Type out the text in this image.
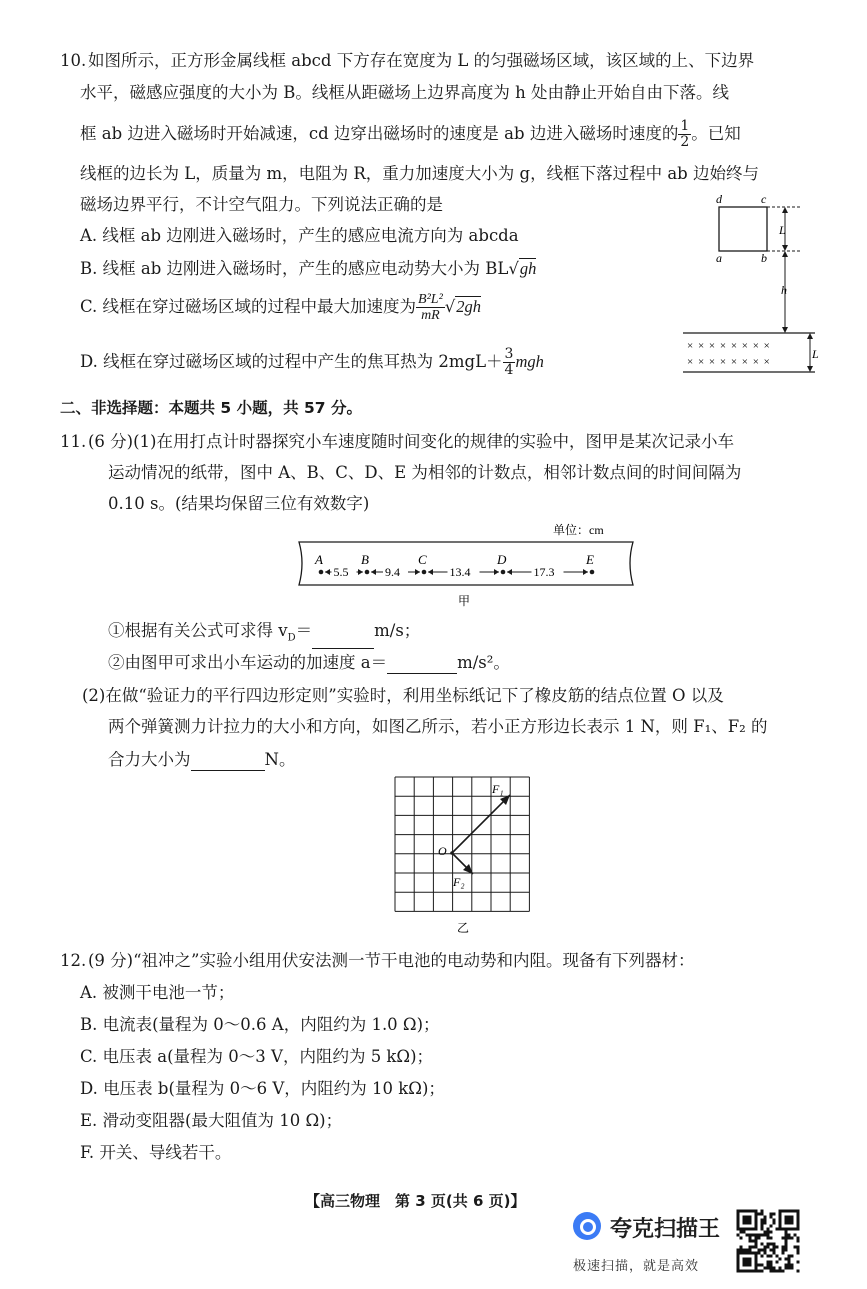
10. 如图所示，正方形金属线框 abcd 下方存在宽度为 L 的匀强磁场区域，该区域的上、下边界
水平，磁感应强度的大小为 B。线框从距磁场上边界高度为 h 处由静止开始自由下落。线
框 ab 边进入磁场时开始减速，cd 边穿出磁场时的速度是 ab 边进入磁场时速度的 $\frac{1}{2}$ 。已知
线框的边长为 L，质量为 m，电阻为 R，重力加速度大小为 g，线框下落过程中 ab 边始终与
磁场边界平行，不计空气阻力。下列说法正确的是
A. 线框 ab 边刚进入磁场时，产生的感应电流方向为 abcda
B. 线框 ab 边刚进入磁场时，产生的感应电动势大小为 BL√gh
C. 线框在穿过磁场区域的过程中最大加速度为 $\frac{\text{B²L²}}{mR} √2gh$
D. 线框在穿过磁场区域的过程中产生的焦耳热为 $2mgL+ \frac{3}{4}$ mgh
d	c
a	b
L
h
× × × × × × × ×
× × × × × × × ×
L
二、非选择题：本题共 5 小题，共 57 分。
11. (6 分)(1)在用打点计时器探究小车速度随时间变化的规律的实验中，图甲是某次记录小车
运动情况的纸带，图中 A、B、C、D、E 为相邻的计数点，相邻计数点间的时间间隔为
0.10 s。(结果均保留三位有效数字)
单位：cm
A	B	C	D	E
5.5	9.4	13.4	17.3
甲
①根据有关公式可求得 $v_D=$	m/s；
②由图甲可求出小车运动的加速度 a＝	m/s²。
(2)在做“验证力的平行四边形定则”实验时，利用坐标纸记下了橡皮筋的结点位置 O 以及
两个弹簧测力计拉力的大小和方向，如图乙所示，若小正方形边长表示 1 N，则 F₁、F₂ 的
合力大小为	N。
O
F₁
F₂
乙
12. (9 分)“祖冲之”实验小组用伏安法测一节干电池的电动势和内阻。现备有下列器材：
A. 被测干电池一节；
B. 电流表(量程为 0～0.6 A，内阻约为 1.0 Ω)；
C. 电压表 a(量程为 0～3 V，内阻约为 5 kΩ)；
D. 电压表 b(量程为 0～6 V，内阻约为 10 kΩ)；
E. 滑动变阻器(最大阻值为 10 Ω)；
F. 开关、导线若干。
【高三物理　第 3 页(共 6 页)】
夸克扫描王
极速扫描，就是高效
